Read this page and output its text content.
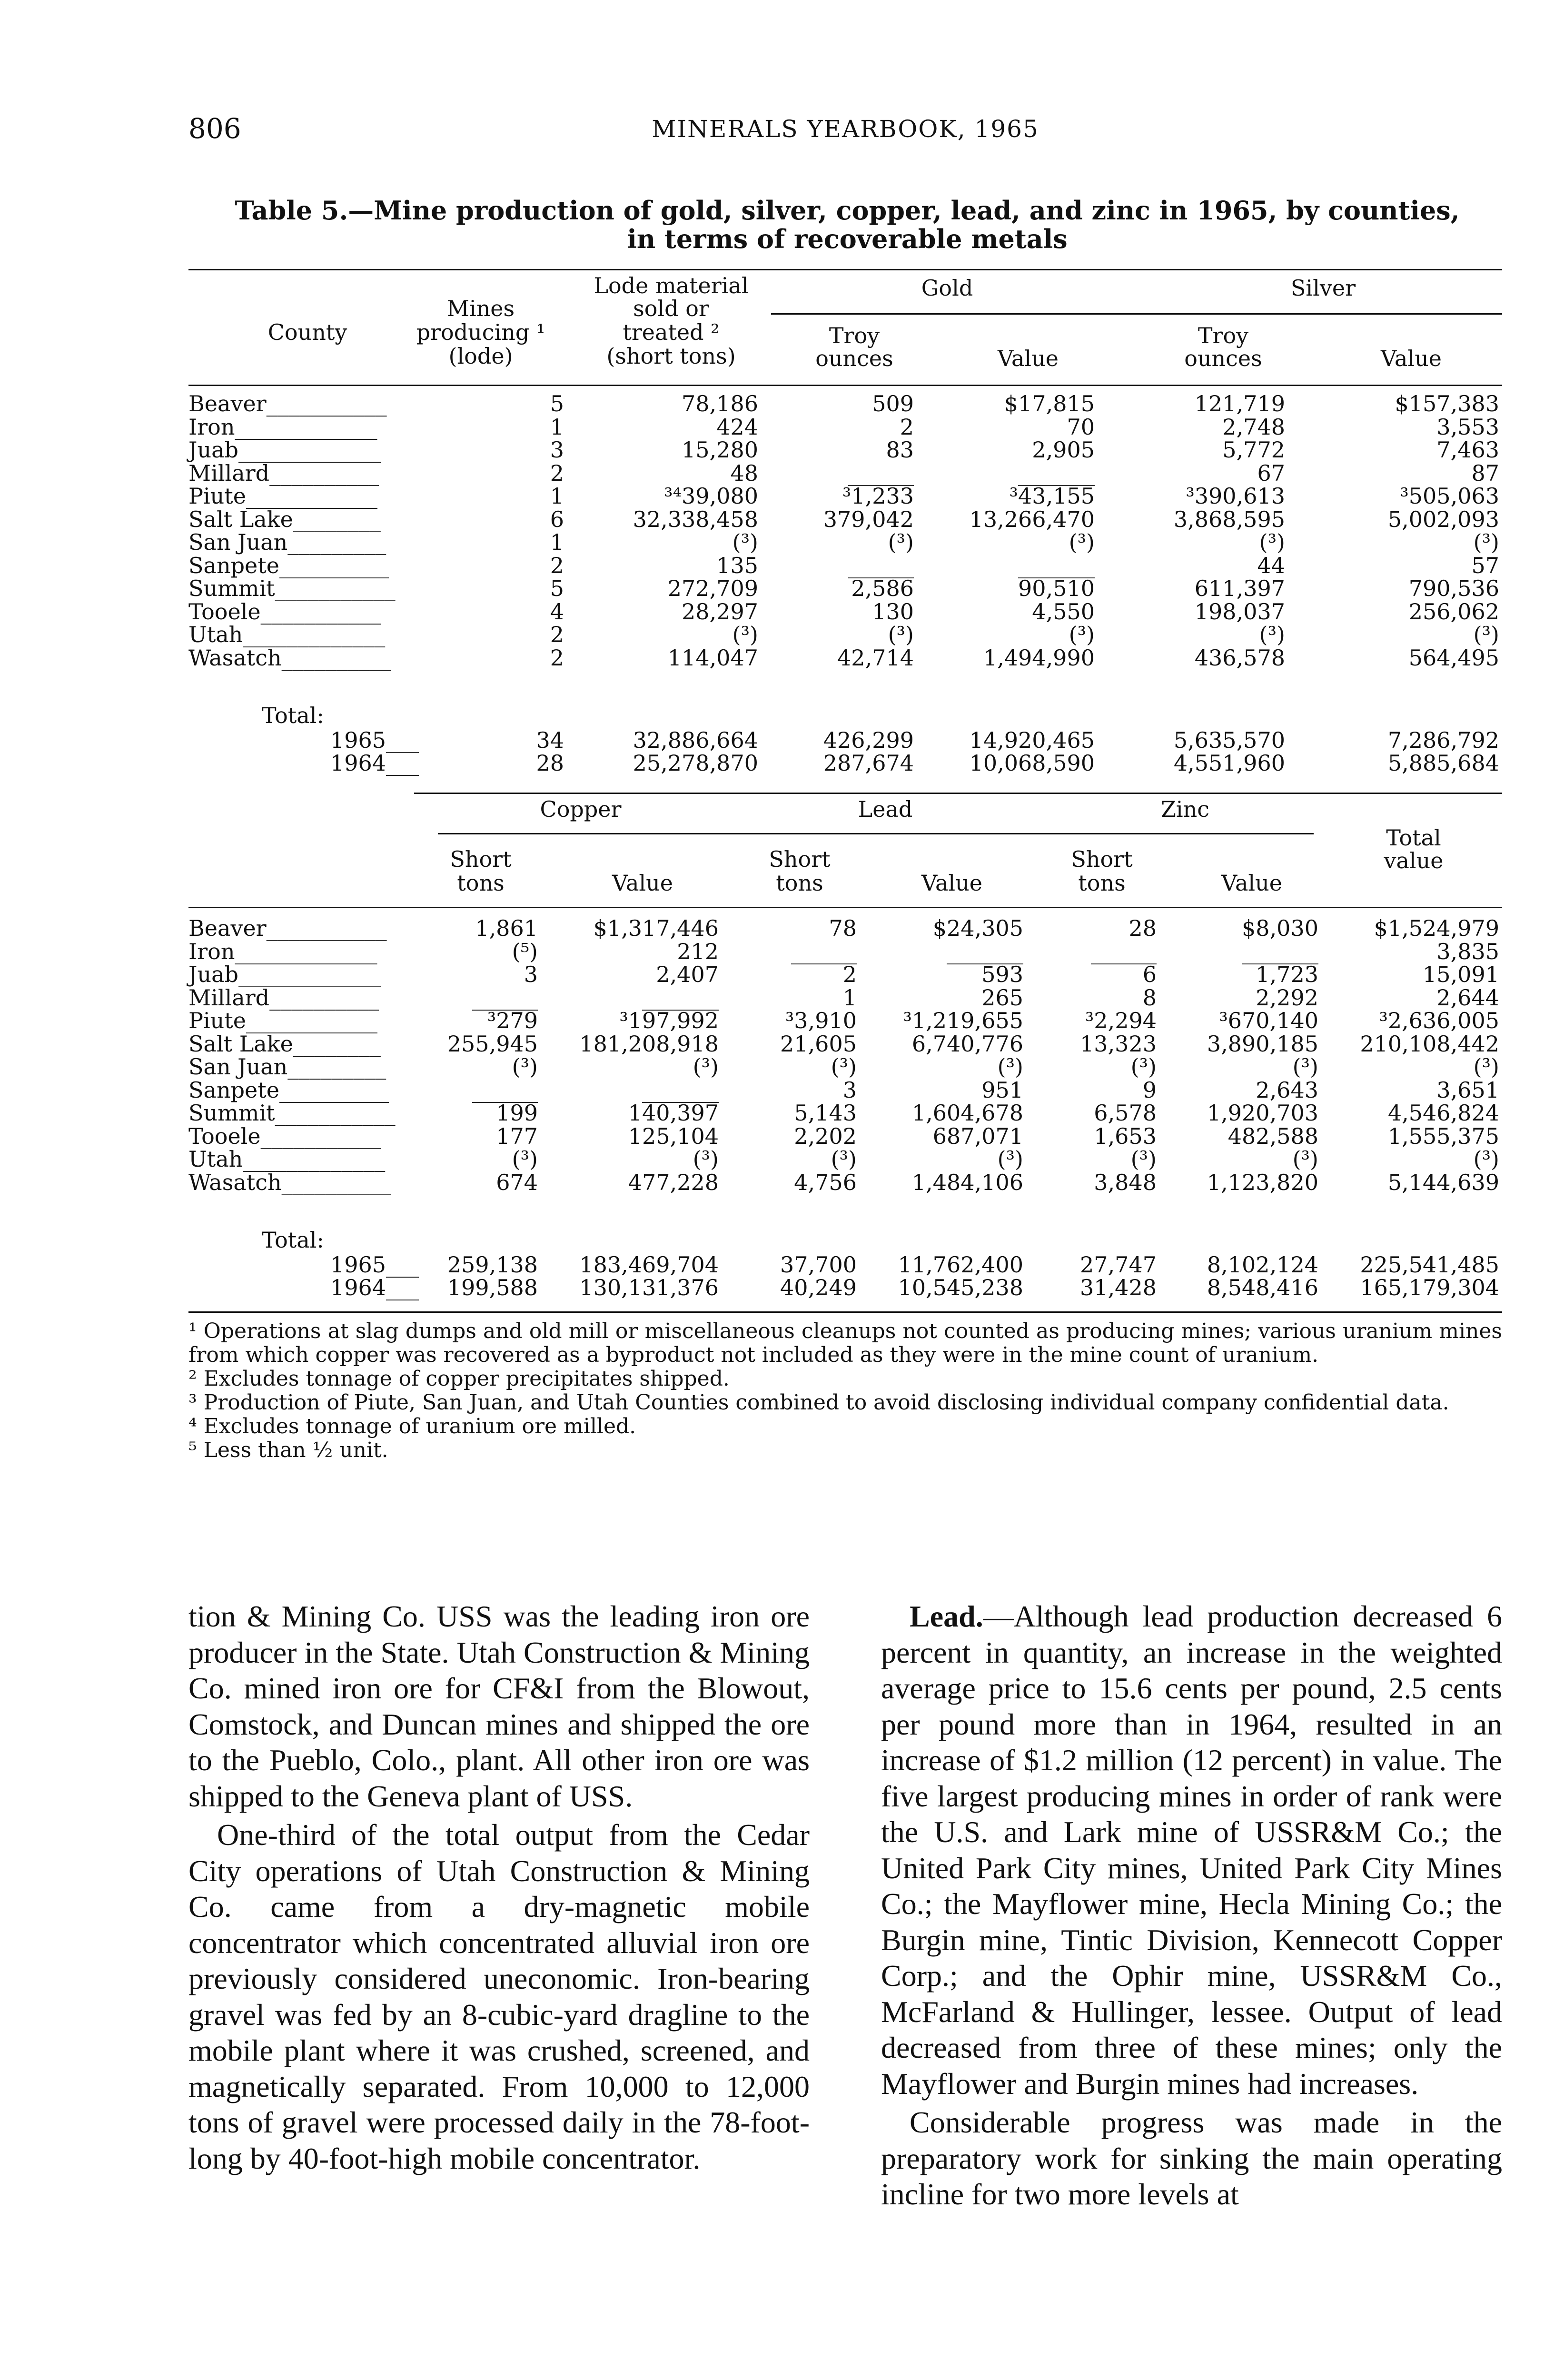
806	MINERALS YEARBOOK, 1965
Table 5.—Mine production of gold, silver, copper, lead, and zinc in 1965, by counties,
in terms of recoverable metals
County
Mines
producing ¹
(lode)
Lode material
sold or
treated ²
(short tons)
Gold	Silver
Troy
ounces	Value
Troy
ounces	Value
Beaver___________	5	78,186	509	$17,815	121,719	$157,383
Iron_____________	1	424	2	70	2,748	3,553
Juab_____________	3	15,280	83	2,905	5,772	7,463
Millard__________	2	48	______	_______	67	87
Piute____________	1	³⁴39,080	³1,233	³43,155	³390,613	³505,063
Salt Lake________	6	32,338,458	379,042	13,266,470	3,868,595	5,002,093
San Juan_________	1	(³)	(³)	(³)	(³)	(³)
Sanpete__________	2	135	______	_______	44	57
Summit___________	5	272,709	2,586	90,510	611,397	790,536
Tooele___________	4	28,297	130	4,550	198,037	256,062
Utah_____________	2	(³)	(³)	(³)	(³)	(³)
Wasatch__________	2	114,047	42,714	1,494,990	436,578	564,495
Total:
1965___	34	32,886,664	426,299	14,920,465	5,635,570	7,286,792
1964___	28	25,278,870	287,674	10,068,590	4,551,960	5,885,684
Copper	Lead	Zinc
Total
value
Short
tons	Value
Short
tons	Value
Short
tons	Value
Beaver___________	1,861	$1,317,446	78	$24,305	28	$8,030	$1,524,979
Iron_____________	(⁵)	212	______	_______	______	_______	3,835
Juab_____________	3	2,407	2	593	6	1,723	15,091
Millard__________	______	_______	1	265	8	2,292	2,644
Piute____________	³279	³197,992	³3,910	³1,219,655	³2,294	³670,140	³2,636,005
Salt Lake________	255,945	181,208,918	21,605	6,740,776	13,323	3,890,185	210,108,442
San Juan_________	(³)	(³)	(³)	(³)	(³)	(³)	(³)
Sanpete__________	______	_______	3	951	9	2,643	3,651
Summit___________	199	140,397	5,143	1,604,678	6,578	1,920,703	4,546,824
Tooele___________	177	125,104	2,202	687,071	1,653	482,588	1,555,375
Utah_____________	(³)	(³)	(³)	(³)	(³)	(³)	(³)
Wasatch__________	674	477,228	4,756	1,484,106	3,848	1,123,820	5,144,639
Total:
1965___	259,138	183,469,704	37,700	11,762,400	27,747	8,102,124	225,541,485
1964___	199,588	130,131,376	40,249	10,545,238	31,428	8,548,416	165,179,304

¹ Operations at slag dumps and old mill or miscellaneous cleanups not counted as producing mines; various uranium mines from which copper was recovered as a byproduct not included as they were in the mine count of uranium.

² Excludes tonnage of copper precipitates shipped.

³ Production of Piute, San Juan, and Utah Counties combined to avoid disclosing individual company confidential data.

⁴ Excludes tonnage of uranium ore milled.

⁵ Less than ½ unit.

tion & Mining Co. USS was the leading iron ore producer in the State. Utah Construction & Mining Co. mined iron ore for CF&I from the Blowout, Comstock, and Duncan mines and shipped the ore to the Pueblo, Colo., plant. All other iron ore was shipped to the Geneva plant of USS.

One-third of the total output from the Cedar City operations of Utah Construction & Mining Co. came from a dry-magnetic mobile concentrator which concentrated alluvial iron ore previously considered uneconomic. Iron-bearing gravel was fed by an 8-cubic-yard dragline to the mobile plant where it was crushed, screened, and magnetically separated. From 10,000 to 12,000 tons of gravel were processed daily in the 78-foot-long by 40-foot-high mobile concentrator.

Lead.—Although lead production decreased 6 percent in quantity, an increase in the weighted average price to 15.6 cents per pound, 2.5 cents per pound more than in 1964, resulted in an increase of $1.2 million (12 percent) in value. The five largest producing mines in order of rank were the U.S. and Lark mine of USSR&M Co.; the United Park City mines, United Park City Mines Co.; the Mayflower mine, Hecla Mining Co.; the Burgin mine, Tintic Division, Kennecott Copper Corp.; and the Ophir mine, USSR&M Co., McFarland & Hullinger, lessee. Output of lead decreased from three of these mines; only the Mayflower and Burgin mines had increases.

Considerable progress was made in the preparatory work for sinking the main operating incline for two more levels at
